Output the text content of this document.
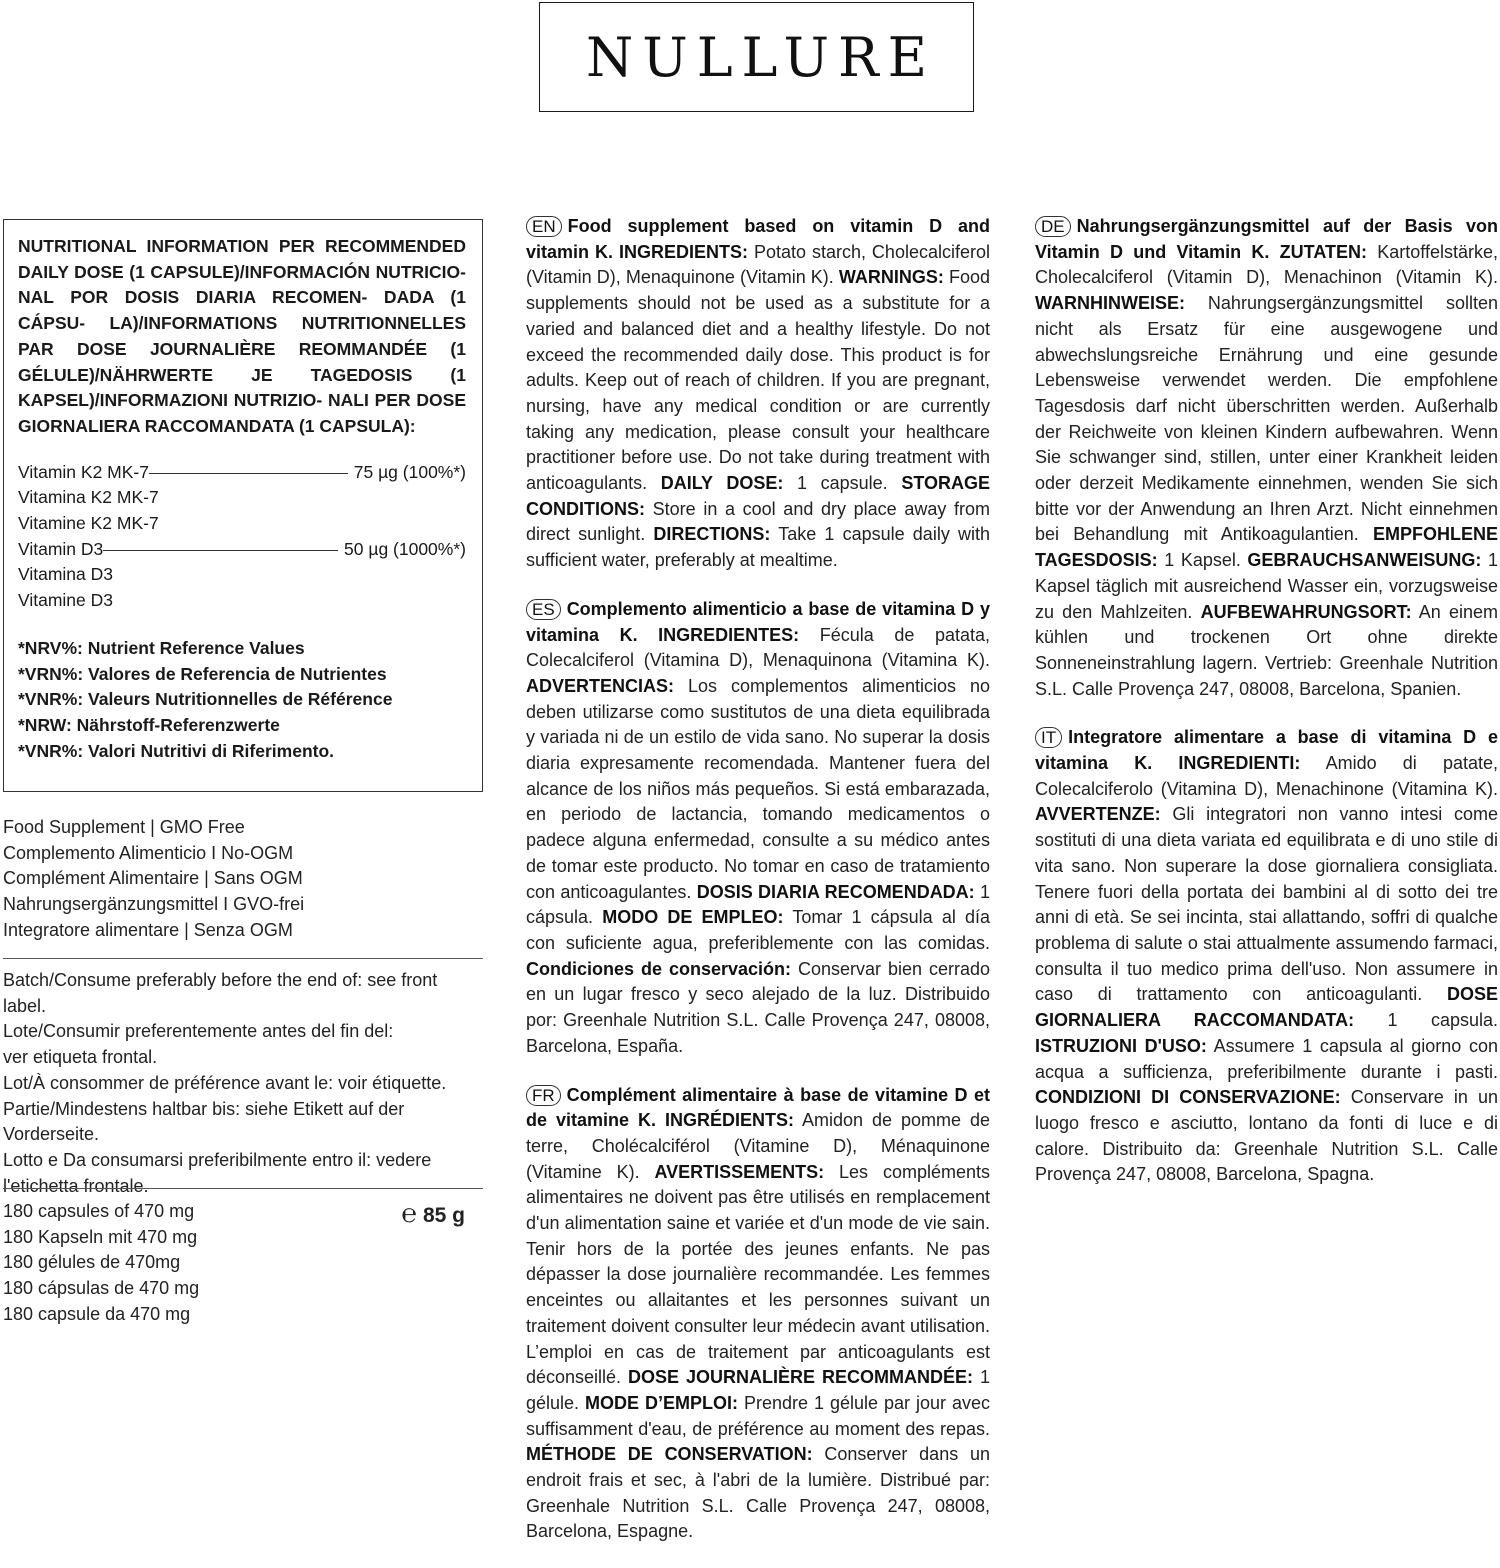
NULLURE

NUTRITIONAL INFORMATION PER RECOMMENDED DAILY DOSE (1 CAPSULE)/INFORMACIÓN NUTRICIO- NAL POR DOSIS DIARIA RECOMEN- DADA (1 CÁPSU- LA)/INFORMATIONS NUTRITIONNELLES PAR DOSE JOURNALIÈRE REOMMANDÉE (1 GÉLULE)/NÄHRWERTE JE TAGEDOSIS (1 KAPSEL)/INFORMAZIONI NUTRIZIO- NALI PER DOSE GIORNALIERA RACCOMANDATA (1 CAPSULA):

Vitamin K2 MK-7	75 µg (100%*)
Vitamina K2 MK-7
Vitamine K2 MK-7
Vitamin D3	50 µg (1000%*)
Vitamina D3
Vitamine D3
*NRV%: Nutrient Reference Values
*VRN%: Valores de Referencia de Nutrientes
*VNR%: Valeurs Nutritionnelles de Référence
*NRW: Nährstoff-Referenzwerte
*VNR%: Valori Nutritivi di Riferimento.
Food Supplement | GMO Free
Complemento Alimenticio I No-OGM
Complément Alimentaire | Sans OGM
Nahrungsergänzungsmittel I GVO-frei
Integratore alimentare | Senza OGM
Batch/Consume preferably before the end of: see front label.
Lote/Consumir preferentemente antes del fin del:
ver etiqueta frontal.
Lot/À consommer de préférence avant le: voir étiquette.
Partie/Mindestens haltbar bis: siehe Etikett auf der
Vorderseite.
Lotto e Da consumarsi preferibilmente entro il: vedere
l'etichetta frontale.
180 capsules of 470 mg
180 Kapseln mit 470 mg
180 gélules de 470mg
180 cápsulas de 470 mg
180 capsule da 470 mg
℮ 85 g

EN Food supplement based on vitamin D and vitamin K. INGREDIENTS: Potato starch, Cholecalciferol (Vitamin D), Menaquinone (Vitamin K). WARNINGS: Food supplements should not be used as a substitute for a varied and balanced diet and a healthy lifestyle. Do not exceed the recommended daily dose. This product is for adults. Keep out of reach of children. If you are pregnant, nursing, have any medical condition or are currently taking any medication, please consult your healthcare practitioner before use. Do not take during treatment with anticoagulants. DAILY DOSE: 1 capsule. STORAGE CONDITIONS: Store in a cool and dry place away from direct sunlight. DIRECTIONS: Take 1 capsule daily with sufficient water, preferably at mealtime.

ES Complemento alimenticio a base de vitamina D y vitamina K. INGREDIENTES: Fécula de patata, Colecalciferol (Vitamina D), Menaquinona (Vitamina K). ADVERTENCIAS: Los complementos alimenticios no deben utilizarse como sustitutos de una dieta equilibrada y variada ni de un estilo de vida sano. No superar la dosis diaria expresamente recomendada. Mantener fuera del alcance de los niños más pequeños. Si está embarazada, en periodo de lactancia, tomando medicamentos o padece alguna enfermedad, consulte a su médico antes de tomar este producto. No tomar en caso de tratamiento con anticoagulantes. DOSIS DIARIA RECOMENDADA: 1 cápsula. MODO DE EMPLEO: Tomar 1 cápsula al día con suficiente agua, preferiblemente con las comidas. Condiciones de conservación: Conservar bien cerrado en un lugar fresco y seco alejado de la luz. Distribuido por: Greenhale Nutrition S.L. Calle Provença 247, 08008, Barcelona, España.

FR Complément alimentaire à base de vitamine D et de vitamine K. INGRÉDIENTS: Amidon de pomme de terre, Cholécalciférol (Vitamine D), Ménaquinone (Vitamine K). AVERTISSEMENTS: Les compléments alimentaires ne doivent pas être utilisés en remplacement d'un alimentation saine et variée et d'un mode de vie sain. Tenir hors de la portée des jeunes enfants. Ne pas dépasser la dose journalière recommandée. Les femmes enceintes ou allaitantes et les personnes suivant un traitement doivent consulter leur médecin avant utilisation. L’emploi en cas de traitement par anticoagulants est déconseillé. DOSE JOURNALIÈRE RECOMMANDÉE: 1 gélule. MODE D’EMPLOI: Prendre 1 gélule par jour avec suffisamment d'eau, de préférence au moment des repas. MÉTHODE DE CONSERVATION: Conserver dans un endroit frais et sec, à l'abri de la lumière. Distribué par: Greenhale Nutrition S.L. Calle Provença 247, 08008, Barcelona, Espagne.

DE Nahrungsergänzungsmittel auf der Basis von Vitamin D und Vitamin K. ZUTATEN: Kartoffelstärke, Cholecalciferol (Vitamin D), Menachinon (Vitamin K). WARNHINWEISE: Nahrungsergänzungsmittel sollten nicht als Ersatz für eine ausgewogene und abwechslungsreiche Ernährung und eine gesunde Lebensweise verwendet werden. Die empfohlene Tagesdosis darf nicht überschritten werden. Außerhalb der Reichweite von kleinen Kindern aufbewahren. Wenn Sie schwanger sind, stillen, unter einer Krankheit leiden oder derzeit Medikamente einnehmen, wenden Sie sich bitte vor der Anwendung an Ihren Arzt. Nicht einnehmen bei Behandlung mit Antikoagulantien. EMPFOHLENE TAGESDOSIS: 1 Kapsel. GEBRAUCHSANWEISUNG: 1 Kapsel täglich mit ausreichend Wasser ein, vorzugsweise zu den Mahlzeiten. AUFBEWAHRUNGSORT: An einem kühlen und trockenen Ort ohne direkte Sonneneinstrahlung lagern. Vertrieb: Greenhale Nutrition S.L. Calle Provença 247, 08008, Barcelona, Spanien.

IT Integratore alimentare a base di vitamina D e vitamina K. INGREDIENTI: Amido di patate, Colecalciferolo (Vitamina D), Menachinone (Vitamina K). AVVERTENZE: Gli integratori non vanno intesi come sostituti di una dieta variata ed equilibrata e di uno stile di vita sano. Non superare la dose giornaliera consigliata. Tenere fuori della portata dei bambini al di sotto dei tre anni di età. Se sei incinta, stai allattando, soffri di qualche problema di salute o stai attualmente assumendo farmaci, consulta il tuo medico prima dell'uso. Non assumere in caso di trattamento con anticoagulanti. DOSE GIORNALIERA RACCOMANDATA: 1 capsula. ISTRUZIONI D'USO: Assumere 1 capsula al giorno con acqua a sufficienza, preferibilmente durante i pasti. CONDIZIONI DI CONSERVAZIONE: Conservare in un luogo fresco e asciutto, lontano da fonti di luce e di calore. Distribuito da: Greenhale Nutrition S.L. Calle Provença 247, 08008, Barcelona, Spagna.
